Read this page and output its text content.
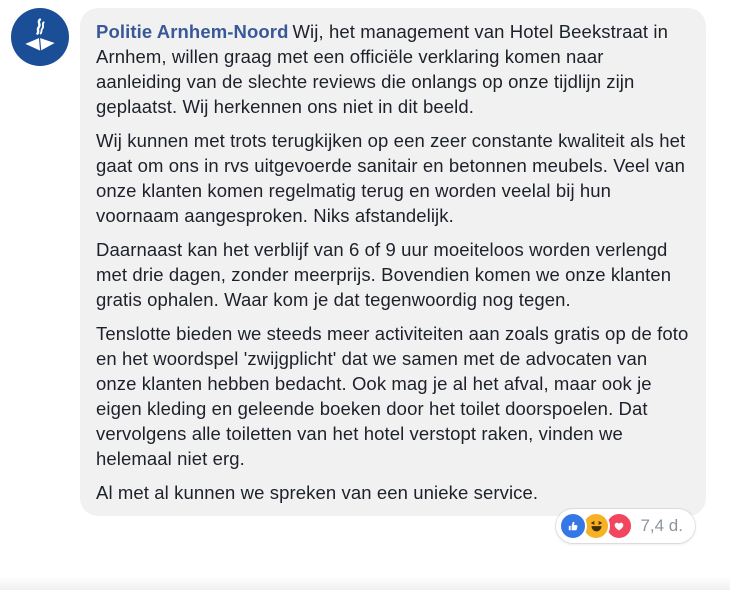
Politie Arnhem-Noord Wij, het management van Hotel Beekstraat in Arnhem, willen graag met een officiële verklaring komen naar aanleiding van de slechte reviews die onlangs op onze tijdlijn zijn geplaatst. Wij herkennen ons niet in dit beeld.

Wij kunnen met trots terugkijken op een zeer constante kwaliteit als het gaat om ons in rvs uitgevoerde sanitair en betonnen meubels. Veel van onze klanten komen regelmatig terug en worden veelal bij hun voornaam aangesproken. Niks afstandelijk.

Daarnaast kan het verblijf van 6 of 9 uur moeiteloos worden verlengd met drie dagen, zonder meerprijs. Bovendien komen we onze klanten gratis ophalen. Waar kom je dat tegenwoordig nog tegen.

Tenslotte bieden we steeds meer activiteiten aan zoals gratis op de foto en het woordspel 'zwijgplicht' dat we samen met de advocaten van onze klanten hebben bedacht. Ook mag je al het afval, maar ook je eigen kleding en geleende boeken door het toilet doorspoelen. Dat vervolgens alle toiletten van het hotel verstopt raken, vinden we helemaal niet erg.

Al met al kunnen we spreken van een unieke service.

7,4 d.
